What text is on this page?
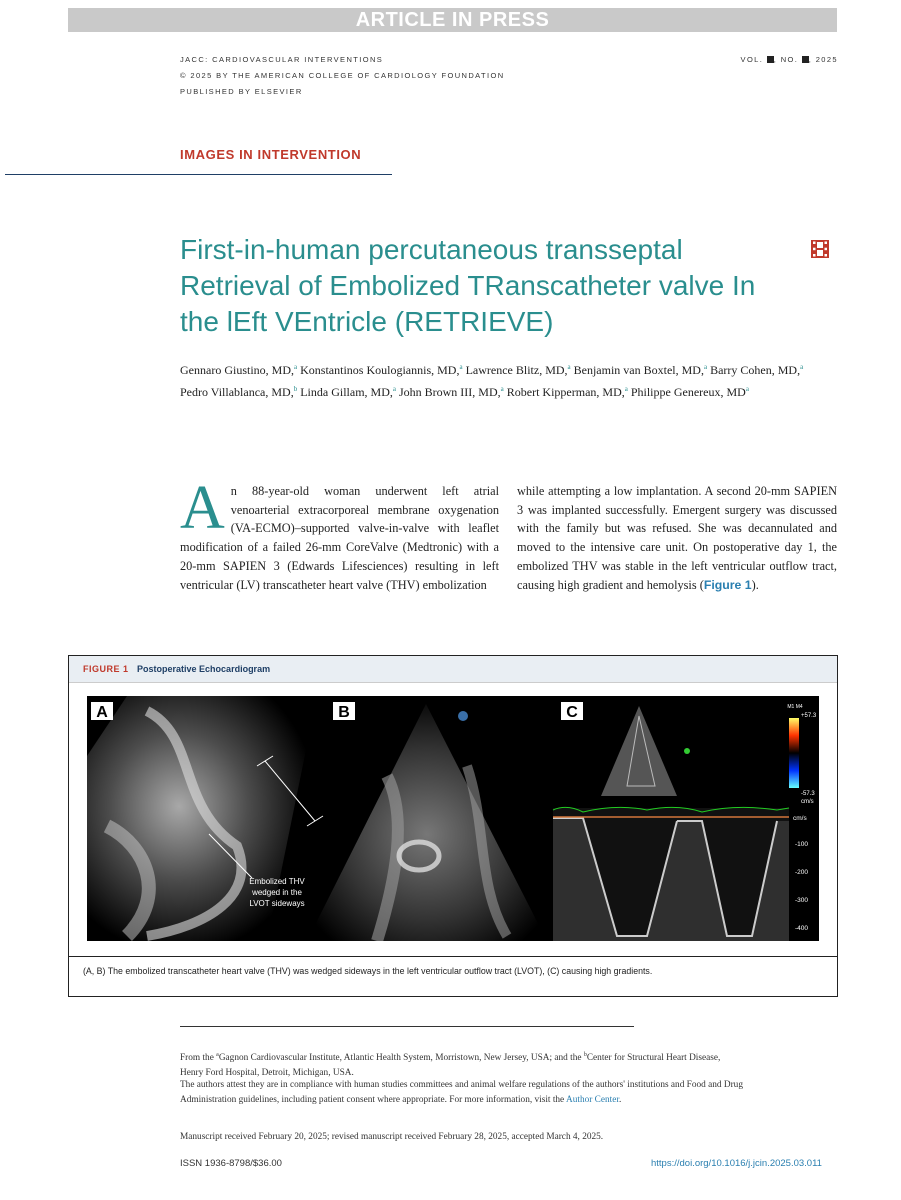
ARTICLE IN PRESS
JACC: CARDIOVASCULAR INTERVENTIONS
© 2025 BY THE AMERICAN COLLEGE OF CARDIOLOGY FOUNDATION
PUBLISHED BY ELSEVIER
VOL. , NO. , 2025
IMAGES IN INTERVENTION
First-in-human percutaneous transseptal Retrieval of Embolized TRanscatheter valve In the lEft VEntricle (RETRIEVE)
Gennaro Giustino, MD,$^a$ Konstantinos Koulogiannis, MD,$^a$ Lawrence Blitz, MD,$^a$ Benjamin van Boxtel, MD,$^a$ Barry Cohen, MD,$^a$ Pedro Villablanca, MD,$^b$ Linda Gillam, MD,$^a$ John Brown III, MD,$^a$ Robert Kipperman, MD,$^a$ Philippe Genereux, $MD^a$
An 88-year-old woman underwent left atrial venoarterial extracorporeal membrane oxygenation (VA-ECMO)–supported valve-in-valve with leaflet modification of a failed 26-mm CoreValve (Medtronic) with a 20-mm SAPIEN 3 (Edwards Lifesciences) resulting in left ventricular (LV) transcatheter heart valve (THV) embolization
while attempting a low implantation. A second 20-mm SAPIEN 3 was implanted successfully. Emergent surgery was discussed with the family but was refused. She was decannulated and moved to the intensive care unit. On postoperative day 1, the embolized THV was stable in the left ventricular outflow tract, causing high gradient and hemolysis (Figure 1).
FIGURE 1 Postoperative Echocardiogram
A
Embolized THV wedged in the LVOT sideways
B	C	M1 M4
+57.3
-57.3
cm/s
cm/s
-100
-200
-300
-400
(A, B) The embolized transcatheter heart valve (THV) was wedged sideways in the left ventricular outflow tract (LVOT), (C) causing high gradients.
From the $^a$Gagnon Cardiovascular Institute, Atlantic Health System, Morristown, New Jersey, USA; and the $^b$Center for Structural Heart Disease, Henry Ford Hospital, Detroit, Michigan, USA.
The authors attest they are in compliance with human studies committees and animal welfare regulations of the authors' institutions and Food and Drug Administration guidelines, including patient consent where appropriate. For more information, visit the Author Center.
Manuscript received February 20, 2025; revised manuscript received February 28, 2025, accepted March 4, 2025.
ISSN 1936-8798/$36.00	https://doi.org/10.1016/j.jcin.2025.03.011
